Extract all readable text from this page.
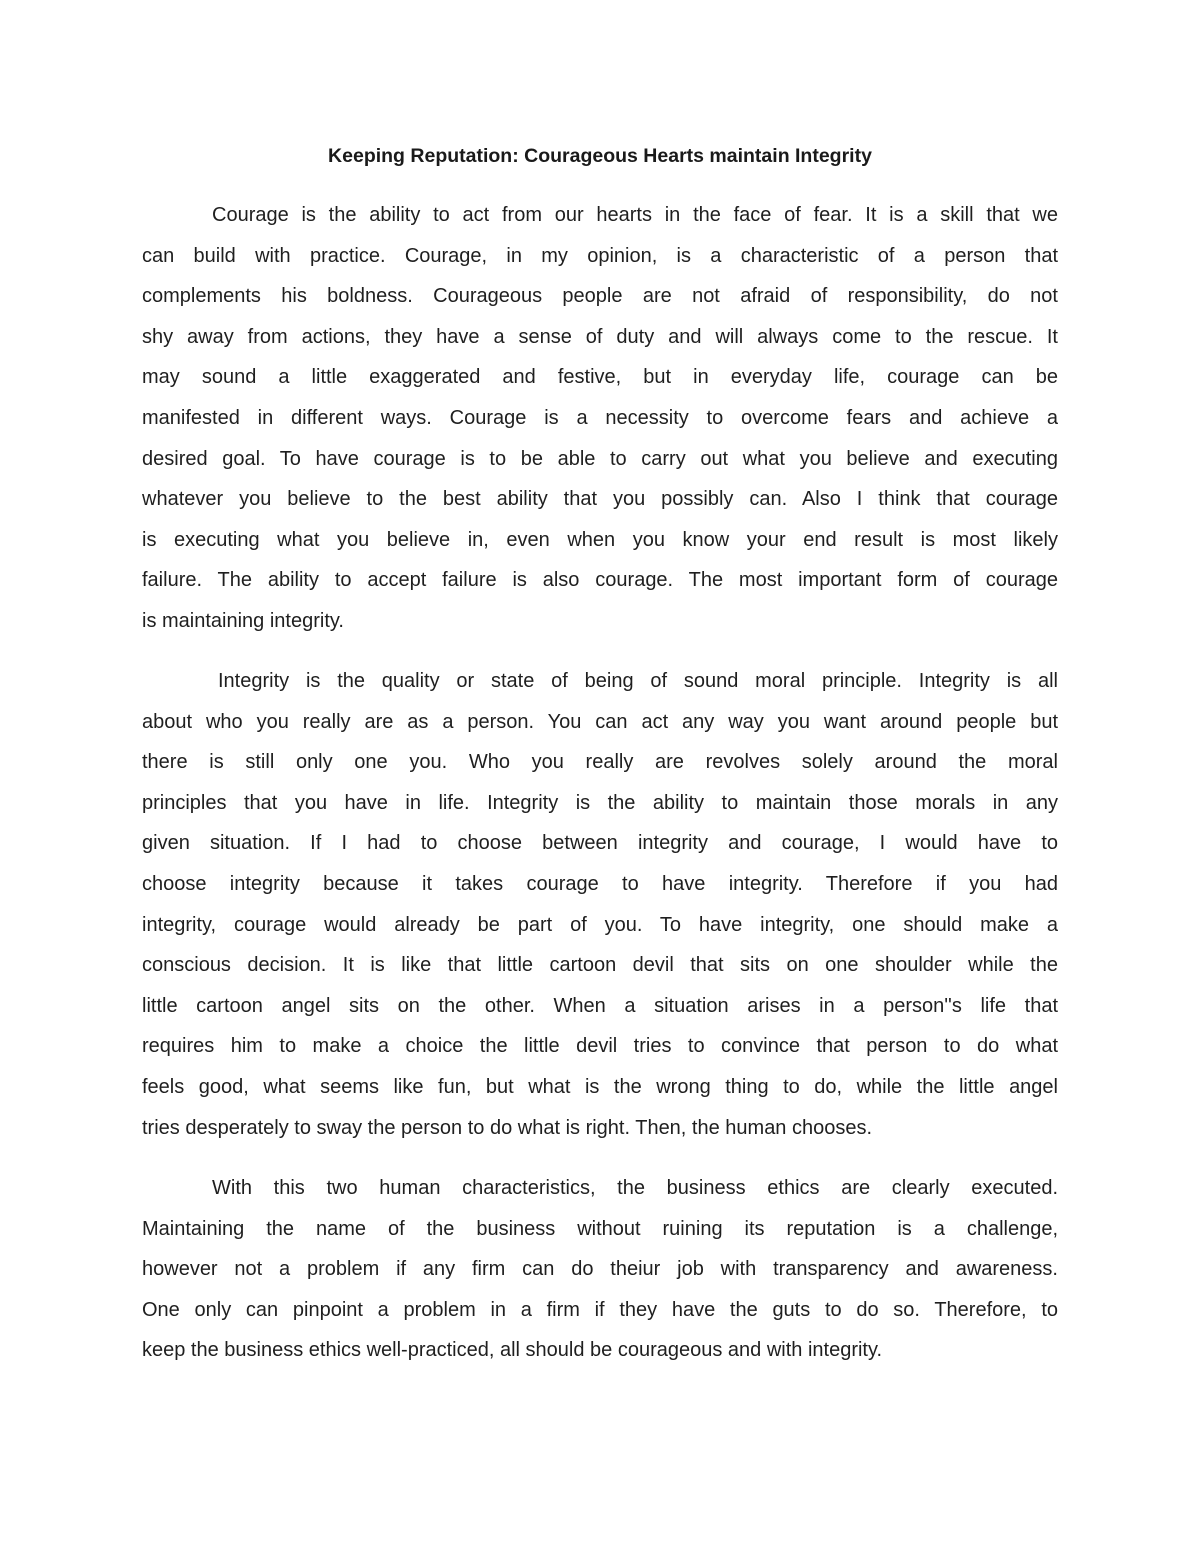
Keeping Reputation: Courageous Hearts maintain Integrity
Courage is the ability to act from our hearts in the face of fear. It is a skill that we
can build with practice. Courage, in my opinion, is a characteristic of a person that
complements his boldness. Courageous people are not afraid of responsibility, do not
shy away from actions, they have a sense of duty and will always come to the rescue. It
may sound a little exaggerated and festive, but in everyday life, courage can be
manifested in different ways. Courage is a necessity to overcome fears and achieve a
desired goal. To have courage is to be able to carry out what you believe and executing
whatever you believe to the best ability that you possibly can. Also I think that courage
is executing what you believe in, even when you know your end result is most likely
failure. The ability to accept failure is also courage. The most important form of courage
is maintaining integrity.
Integrity is the quality or state of being of sound moral principle. Integrity is all
about who you really are as a person. You can act any way you want around people but
there is still only one you. Who you really are revolves solely around the moral
principles that you have in life. Integrity is the ability to maintain those morals in any
given situation. If I had to choose between integrity and courage, I would have to
choose integrity because it takes courage to have integrity. Therefore if you had
integrity, courage would already be part of you. To have integrity, one should make a
conscious decision. It is like that little cartoon devil that sits on one shoulder while the
little cartoon angel sits on the other. When a situation arises in a person''s life that
requires him to make a choice the little devil tries to convince that person to do what
feels good, what seems like fun, but what is the wrong thing to do, while the little angel
tries desperately to sway the person to do what is right. Then, the human chooses.
With this two human characteristics, the business ethics are clearly executed.
Maintaining the name of the business without ruining its reputation is a challenge,
however not a problem if any firm can do theiur job with transparency and awareness.
One only can pinpoint a problem in a firm if they have the guts to do so. Therefore, to
keep the business ethics well-practiced, all should be courageous and with integrity.
